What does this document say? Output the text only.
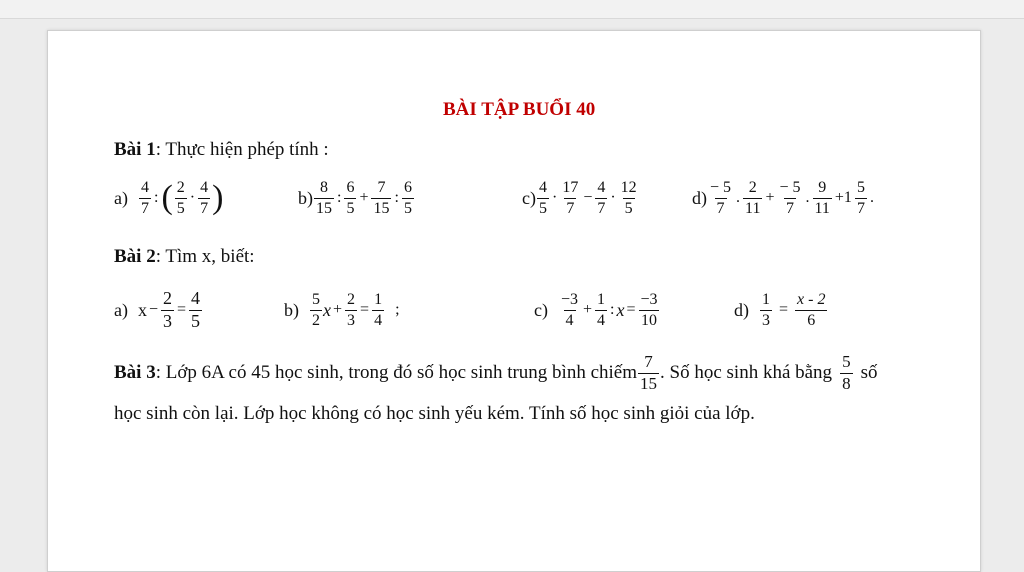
BÀI TẬP BUỔI 40
Bài 1: Thực hiện phép tính :
$a) \frac{4}{7}$ : ( $\frac{2}{5} \cdot \frac{4}{7}$ )	$b) \frac{8}{15}$ : $\frac{6}{5} + \frac{7}{15}$ : $\frac{6}{5}$	$c) \frac{4}{5} \cdot \frac{17}{7} - \frac{4}{7} \cdot \frac{12}{5}$	$d) \frac{- 5}{7}$ . $\frac{2}{11} + \frac{- 5}{7}$ . $\frac{9}{11} +1 \frac{5}{7}$ .
Bài 2: Tìm x, biết:
a) $x - \frac{2}{3} = \frac{4}{5}$	$b) \frac{5}{2}$ $x + \frac{2}{3} = \frac{1}{4}$ ;	$c) \frac{-3}{4} + \frac{1}{4}$ : $x = \frac{-3}{10}$	$d) \frac{1}{3} = \frac{x - 2}{6}$
Bài 3 : Lớp 6A có 45 học sinh, trong đó số học sinh trung bình chiếm $\frac{7}{15}$ . Số học sinh khá bằng $\frac{5}{8}$ số
học sinh còn lại. Lớp học không có học sinh yếu kém. Tính số học sinh giỏi của lớp.
